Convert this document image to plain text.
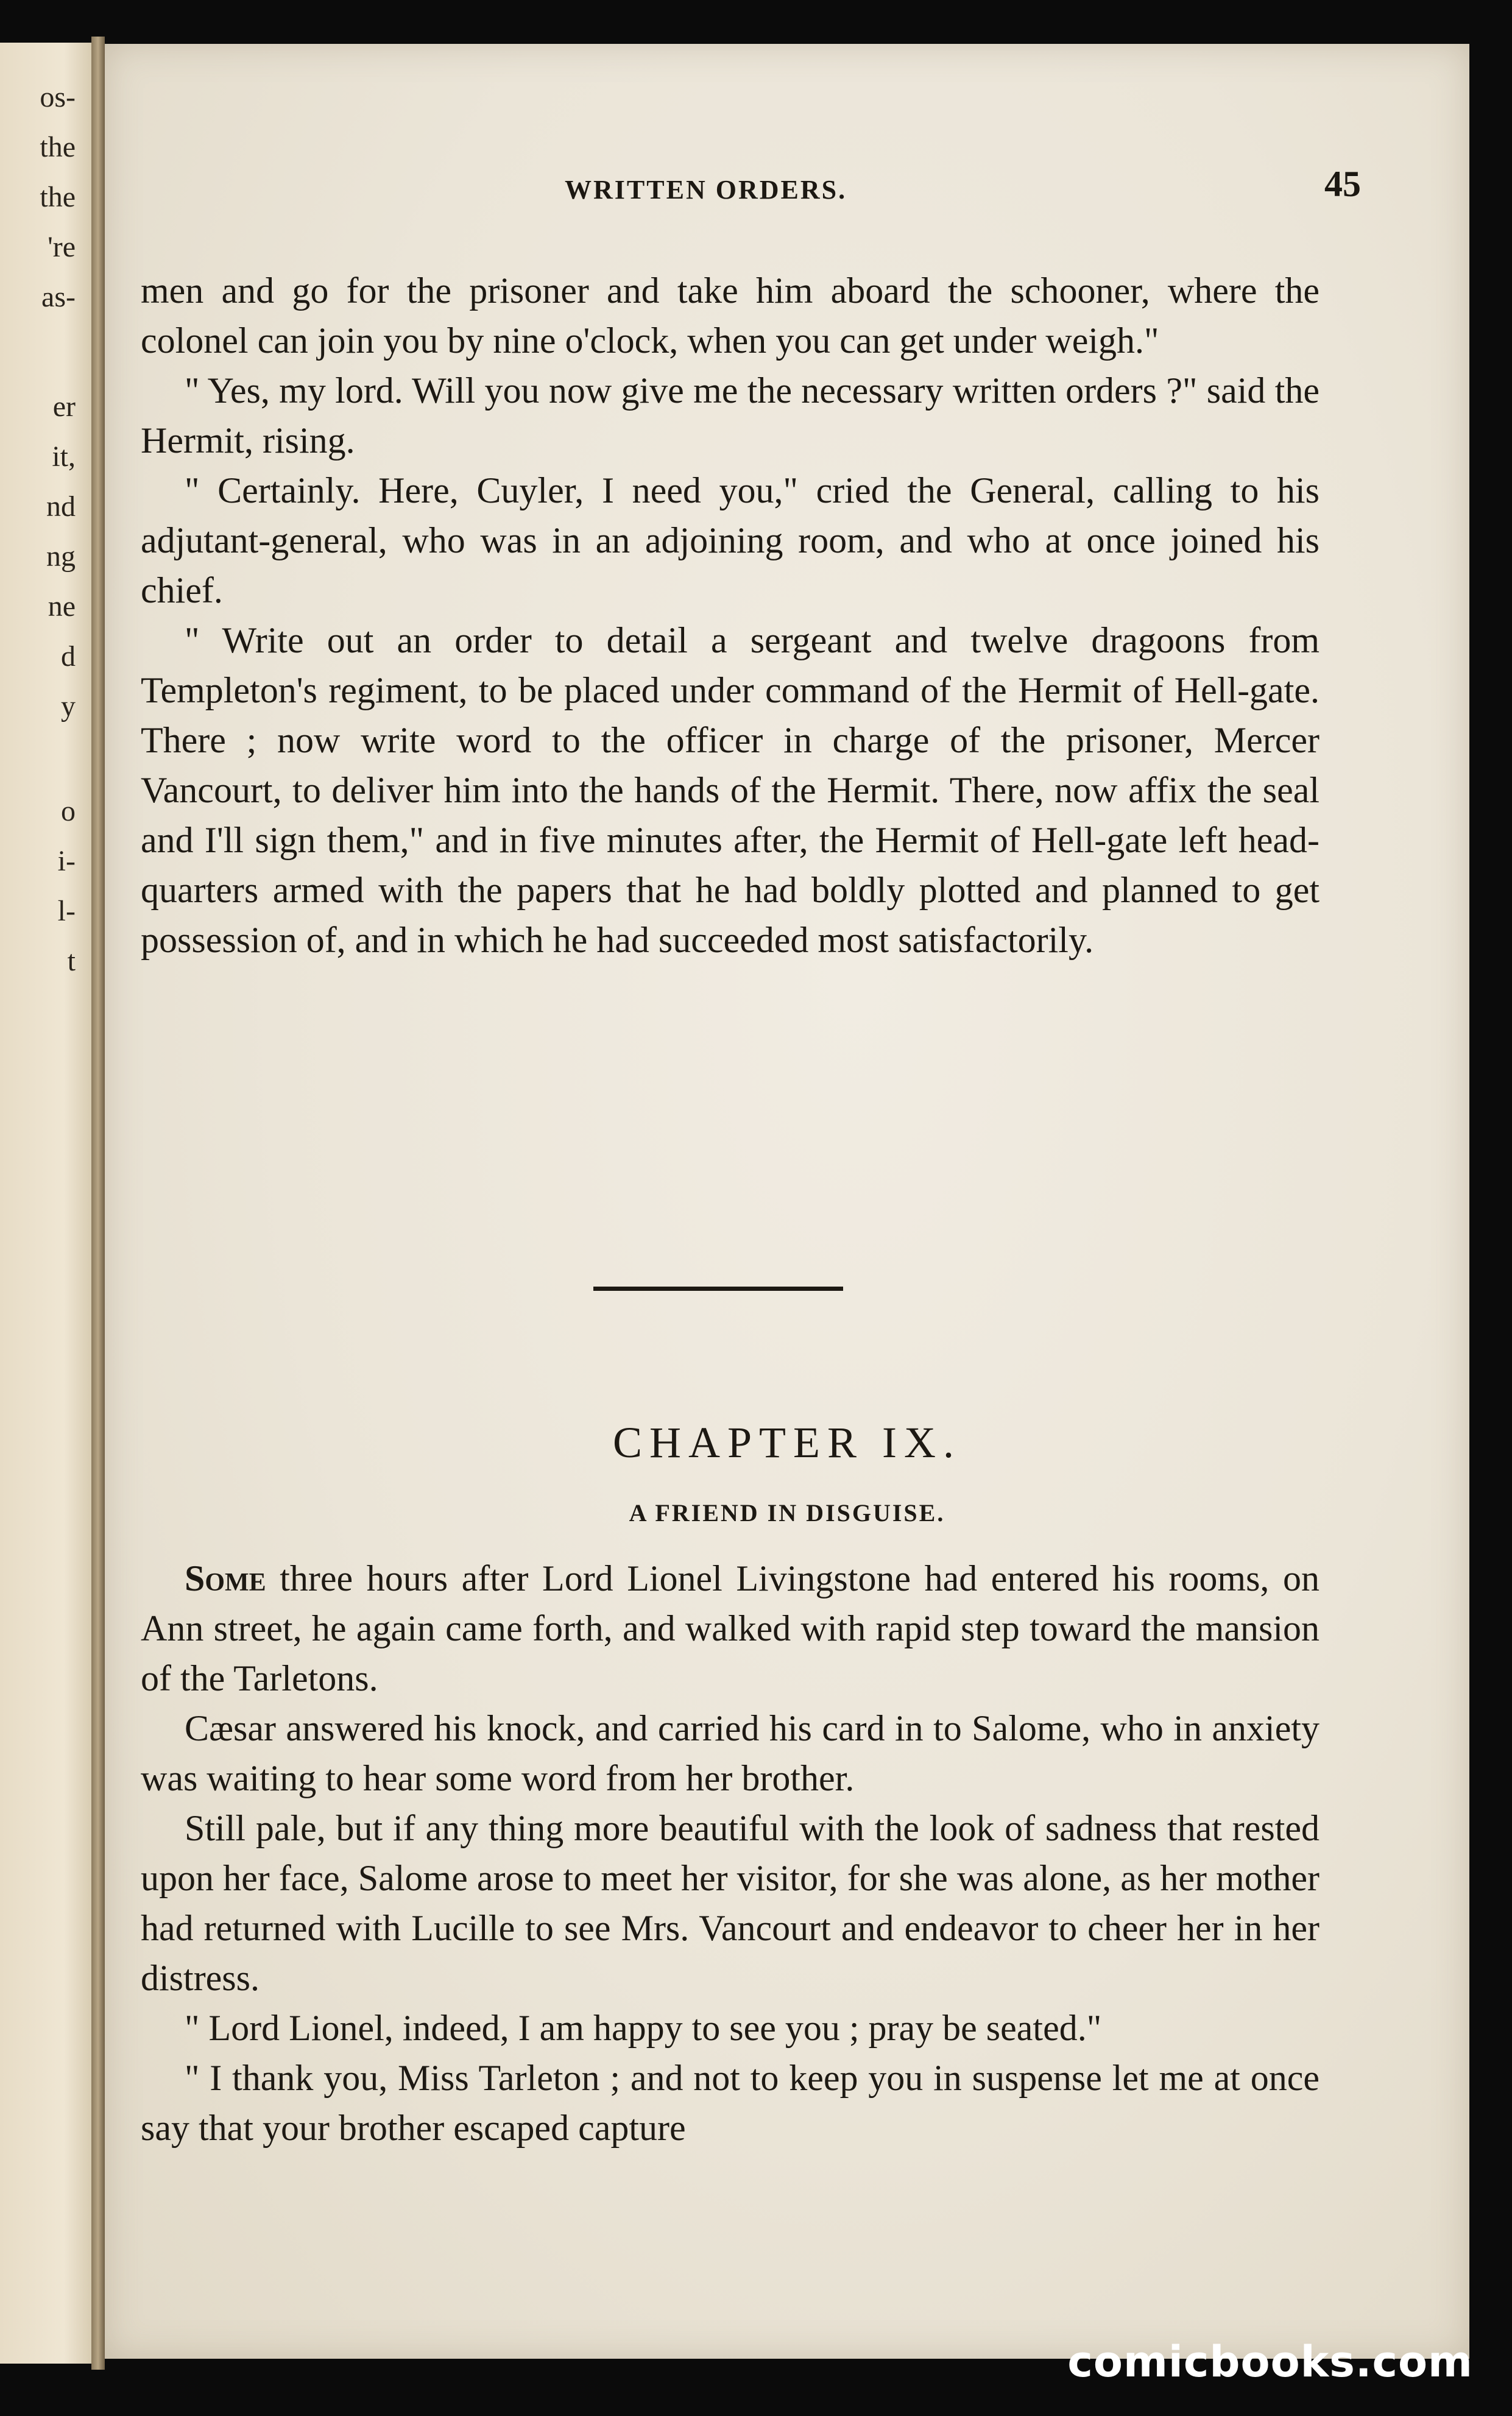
os-
the
the
're
as-
er
it,
nd
ng
ne
d
y
o
i-
l-
t
WRITTEN ORDERS.	45

men and go for the prisoner and take him aboard the schooner, where the colonel can join you by nine o'clock, when you can get under weigh."

" Yes, my lord. Will you now give me the necessary written orders ?" said the Hermit, rising.

" Certainly. Here, Cuyler, I need you," cried the General, calling to his adjutant-general, who was in an adjoining room, and who at once joined his chief.

" Write out an order to detail a sergeant and twelve dragoons from Templeton's regiment, to be placed under command of the Hermit of Hell-gate. There ; now write word to the officer in charge of the prisoner, Mercer Vancourt, to deliver him into the hands of the Hermit. There, now affix the seal and I'll sign them," and in five minutes after, the Hermit of Hell-gate left head-quarters armed with the papers that he had boldly plotted and planned to get possession of, and in which he had succeeded most satisfactorily.

CHAPTER IX.
A FRIEND IN DISGUISE.

Some three hours after Lord Lionel Livingstone had entered his rooms, on Ann street, he again came forth, and walked with rapid step toward the mansion of the Tarletons.

Cæsar answered his knock, and carried his card in to Salome, who in anxiety was waiting to hear some word from her brother.

Still pale, but if any thing more beautiful with the look of sadness that rested upon her face, Salome arose to meet her visitor, for she was alone, as her mother had returned with Lucille to see Mrs. Vancourt and endeavor to cheer her in her distress.

" Lord Lionel, indeed, I am happy to see you ; pray be seated."

" I thank you, Miss Tarleton ; and not to keep you in suspense let me at once say that your brother escaped capture

comicbooks.com
